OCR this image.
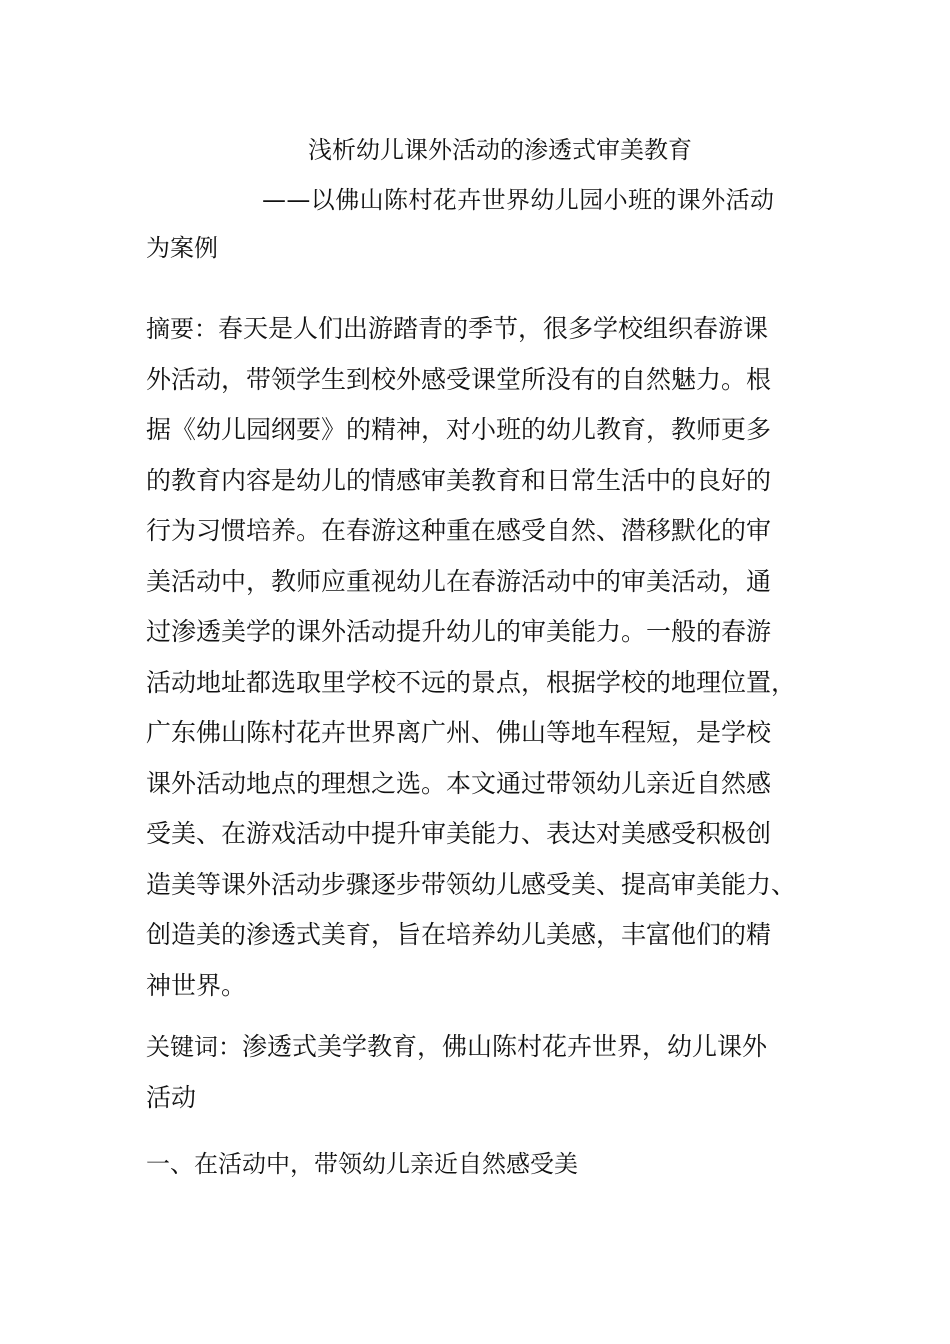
浅析幼儿课外活动的渗透式审美教育
——以佛山陈村花卉世界幼儿园小班的课外活动
为案例
摘要：春天是人们出游踏青的季节，很多学校组织春游课
外活动，带领学生到校外感受课堂所没有的自然魅力。根
据《幼儿园纲要》的精神，对小班的幼儿教育，教师更多
的教育内容是幼儿的情感审美教育和日常生活中的良好的
行为习惯培养。在春游这种重在感受自然、潜移默化的审
美活动中，教师应重视幼儿在春游活动中的审美活动，通
过渗透美学的课外活动提升幼儿的审美能力。一般的春游
活动地址都选取里学校不远的景点，根据学校的地理位置，
广东佛山陈村花卉世界离广州、佛山等地车程短，是学校
课外活动地点的理想之选。本文通过带领幼儿亲近自然感
受美、在游戏活动中提升审美能力、表达对美感受积极创
造美等课外活动步骤逐步带领幼儿感受美、提高审美能力、
创造美的渗透式美育，旨在培养幼儿美感，丰富他们的精
神世界。
关键词：渗透式美学教育，佛山陈村花卉世界，幼儿课外
活动
一、在活动中，带领幼儿亲近自然感受美
